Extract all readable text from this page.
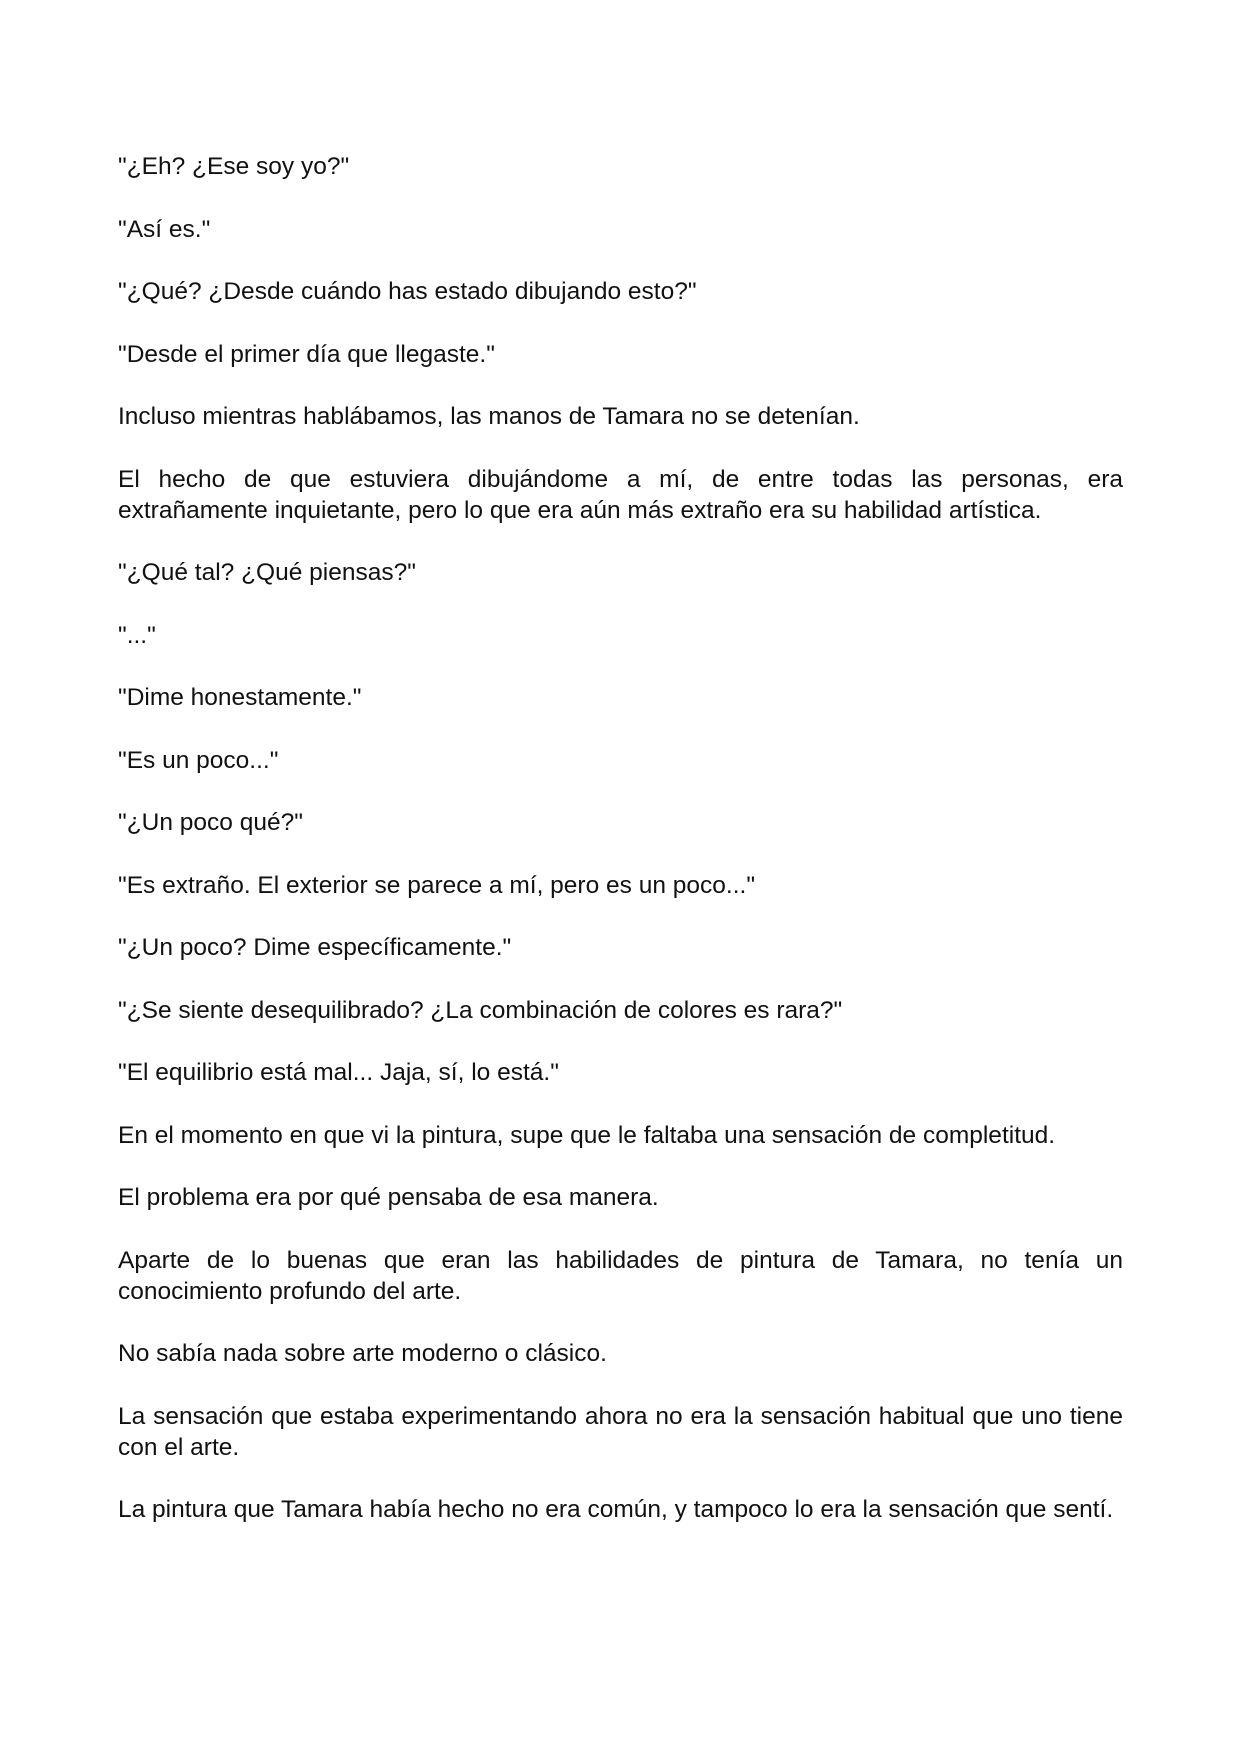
"¿Eh? ¿Ese soy yo?"

"Así es."

"¿Qué? ¿Desde cuándo has estado dibujando esto?"

"Desde el primer día que llegaste."

Incluso mientras hablábamos, las manos de Tamara no se detenían.

El hecho de que estuviera dibujándome a mí, de entre todas las personas, era extrañamente inquietante, pero lo que era aún más extraño era su habilidad artística.

"¿Qué tal? ¿Qué piensas?"

"..."

"Dime honestamente."

"Es un poco..."

"¿Un poco qué?"

"Es extraño. El exterior se parece a mí, pero es un poco..."

"¿Un poco? Dime específicamente."

"¿Se siente desequilibrado? ¿La combinación de colores es rara?"

"El equilibrio está mal... Jaja, sí, lo está."

En el momento en que vi la pintura, supe que le faltaba una sensación de completitud.

El problema era por qué pensaba de esa manera.

Aparte de lo buenas que eran las habilidades de pintura de Tamara, no tenía un conocimiento profundo del arte.

No sabía nada sobre arte moderno o clásico.

La sensación que estaba experimentando ahora no era la sensación habitual que uno tiene con el arte.

La pintura que Tamara había hecho no era común, y tampoco lo era la sensación que sentí.
